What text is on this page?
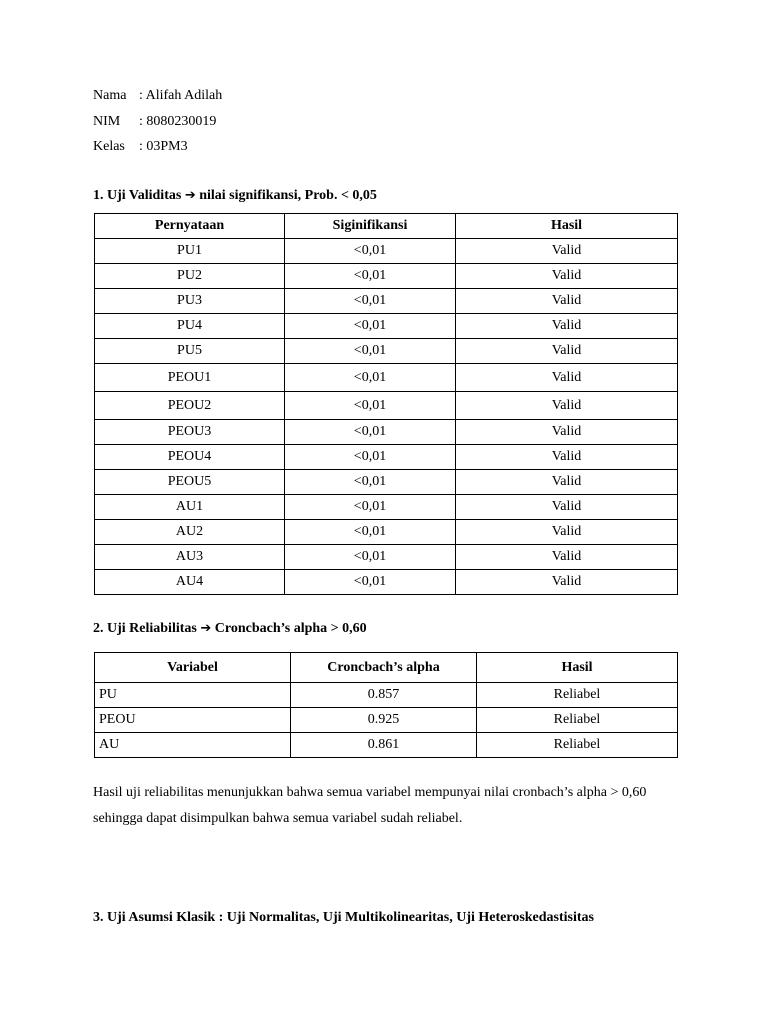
Nama : Alifah Adilah
NIM : 8080230019
Kelas : 03PM3
1. Uji Validitas ➔ nilai signifikansi, Prob. < 0,05
Pernyataan	Siginifikansi	Hasil
PU1	<0,01	Valid
PU2	<0,01	Valid
PU3	<0,01	Valid
PU4	<0,01	Valid
PU5	<0,01	Valid
PEOU1	<0,01	Valid
PEOU2	<0,01	Valid
PEOU3	<0,01	Valid
PEOU4	<0,01	Valid
PEOU5	<0,01	Valid
AU1	<0,01	Valid
AU2	<0,01	Valid
AU3	<0,01	Valid
AU4	<0,01	Valid
2. Uji Reliabilitas ➔ Croncbach’s alpha > 0,60
Variabel	Croncbach’s alpha	Hasil
PU	0.857	Reliabel
PEOU	0.925	Reliabel
AU	0.861	Reliabel
Hasil uji reliabilitas menunjukkan bahwa semua variabel mempunyai nilai cronbach’s alpha > 0,60 sehingga dapat disimpulkan bahwa semua variabel sudah reliabel.
3. Uji Asumsi Klasik : Uji Normalitas, Uji Multikolinearitas, Uji Heteroskedastisitas
